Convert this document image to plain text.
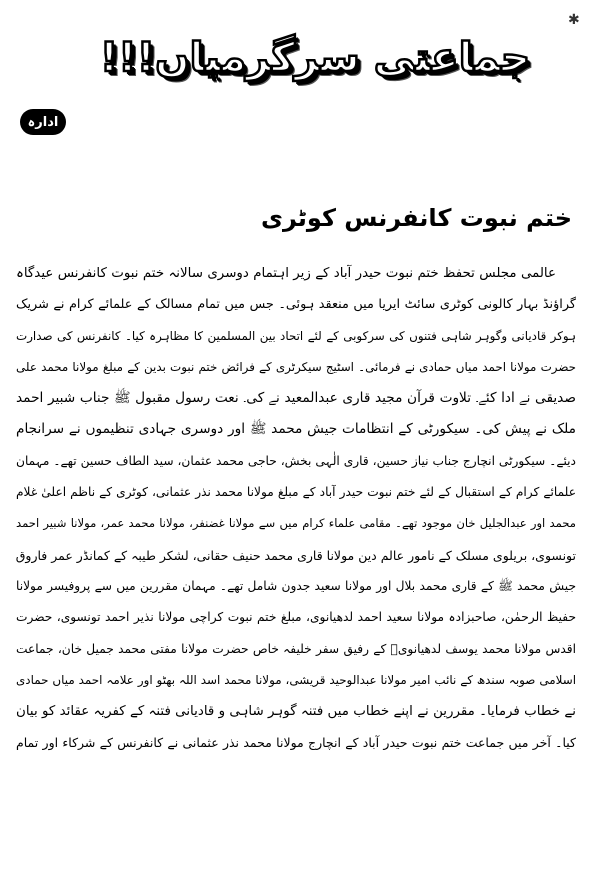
✱
جماعتی سرگرمیاں!!!
ادارہ
ختم نبوت کانفرنس کوٹری
عالمی مجلس تحفظ ختم نبوت حیدر آباد کے زیر اہتمام دوسری سالانہ ختم نبوت کانفرنس عیدگاہ
گراؤنڈ بہار کالونی کوٹری سائٹ ایریا میں منعقد ہوئی۔ جس میں تمام مسالک کے علمائے کرام نے شریک
ہوکر قادیانی وگوہر شاہی فتنوں کی سرکوبی کے لئے اتحاد بین المسلمین کا مظاہرہ کیا۔ کانفرنس کی صدارت
حضرت مولانا احمد میاں حمادی نے فرمائی۔ اسٹیج سیکرٹری کے فرائض ختم نبوت بدین کے مبلغ مولانا محمد علی
صدیقی نے ادا کئے۔ تلاوت قرآن مجید قاری عبدالمعید نے کی۔ نعت رسول مقبول ﷺ جناب شبیر احمد
ملک نے پیش کی۔ سیکورٹی کے انتظامات جیش محمد ﷺ اور دوسری جہادی تنظیموں نے سرانجام
دیئے۔ سیکورٹی انچارج جناب نیاز حسین، قاری الٰہی بخش، حاجی محمد عثمان، سید الطاف حسین تھے۔ مہمان
علمائے کرام کے استقبال کے لئے ختم نبوت حیدر آباد کے مبلغ مولانا محمد نذر عثمانی، کوٹری کے ناظم اعلیٰ غلام
محمد اور عبدالجلیل خان موجود تھے۔ مقامی علماء کرام میں سے مولانا غضنفر، مولانا محمد عمر، مولانا شبیر احمد
تونسوی، بریلوی مسلک کے نامور عالم دین مولانا قاری محمد حنیف حقانی، لشکر طیبہ کے کمانڈر عمر فاروق
جیش محمد ﷺ کے قاری محمد بلال اور مولانا سعید جدون شامل تھے۔ مہمان مقررین میں سے پروفیسر مولانا
حفیظ الرحمٰن، صاحبزادہ مولانا سعید احمد لدھیانوی، مبلغ ختم نبوت کراچی مولانا نذیر احمد تونسوی، حضرت
اقدس مولانا محمد یوسف لدھیانویؒ کے رفیق سفر خلیفہ خاص حضرت مولانا مفتی محمد جمیل خان، جماعت
اسلامی صوبہ سندھ کے نائب امیر مولانا عبدالوحید قریشی، مولانا محمد اسد اللہ بھٹو اور علامہ احمد میاں حمادی
نے خطاب فرمایا۔ مقررین نے اپنے خطاب میں فتنہ گوہر شاہی و قادیانی فتنہ کے کفریہ عقائد کو بیان
کیا۔ آخر میں جماعت ختم نبوت حیدر آباد کے انچارج مولانا محمد نذر عثمانی نے کانفرنس کے شرکاء اور تمام
